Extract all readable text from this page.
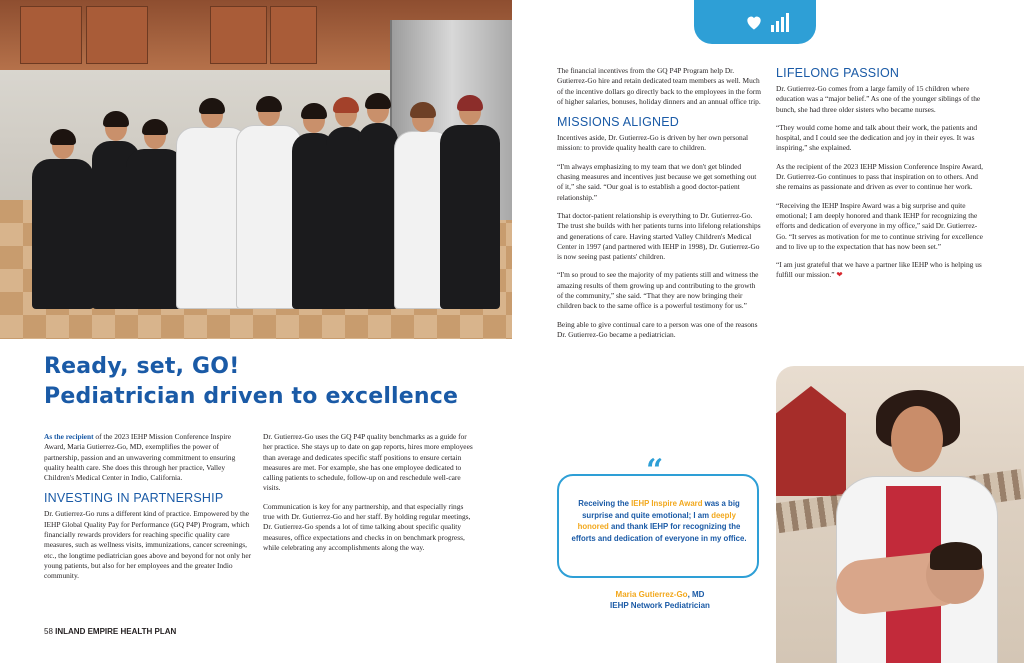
Ready, set, GO!
Pediatrician driven to excellence

As the recipient of the 2023 IEHP Mission Conference Inspire Award, Maria Gutierrez-Go, MD, exemplifies the power of partnership, passion and an unwavering commitment to ensuring quality health care. She does this through her practice, Valley Children's Medical Center in Indio, California.

INVESTING IN PARTNERSHIP

Dr. Gutierrez-Go runs a different kind of practice. Empowered by the IEHP Global Quality Pay for Performance (GQ P4P) Program, which financially rewards providers for reaching specific quality care measures, such as wellness visits, immunizations, cancer screenings, etc., the longtime pediatrician goes above and beyond for not only her young patients, but also for her employees and the greater Indio community.

Dr. Gutierrez-Go uses the GQ P4P quality benchmarks as a guide for her practice. She stays up to date on gap reports, hires more employees than average and dedicates specific staff positions to ensure certain measures are met. For example, she has one employee dedicated to calling patients to schedule, follow-up on and reschedule well-care visits.

Communication is key for any partnership, and that especially rings true with Dr. Gutierrez-Go and her staff. By holding regular meetings, Dr. Gutierrez-Go spends a lot of time talking about specific quality measures, office expectations and checks in on benchmark progress, while celebrating any accomplishments along the way.

58 INLAND EMPIRE HEALTH PLAN

The financial incentives from the GQ P4P Program help Dr. Gutierrez-Go hire and retain dedicated team members as well. Much of the incentive dollars go directly back to the employees in the form of higher salaries, bonuses, holiday dinners and an annual office trip.

MISSIONS ALIGNED

Incentives aside, Dr. Gutierrez-Go is driven by her own personal mission: to provide quality health care to children.

“I'm always emphasizing to my team that we don't get blinded chasing measures and incentives just because we get something out of it,” she said. “Our goal is to establish a good doctor-patient relationship.”

That doctor-patient relationship is everything to Dr. Gutierrez-Go. The trust she builds with her patients turns into lifelong relationships and generations of care. Having started Valley Children's Medical Center in 1997 (and partnered with IEHP in 1998), Dr. Gutierrez-Go is now seeing past patients' children.

“I'm so proud to see the majority of my patients still and witness the amazing results of them growing up and contributing to the growth of the community,” she said. “That they are now bringing their children back to the same office is a powerful testimony for us.”

Being able to give continual care to a person was one of the reasons Dr. Gutierrez-Go became a pediatrician.

“
Receiving the IEHP Inspire Award was a big surprise and quite emotional; I am deeply honored and thank IEHP for recognizing the efforts and dedication of everyone in my office.
Maria Gutierrez-Go, MD
IEHP Network Pediatrician
LIFELONG PASSION

Dr. Gutierrez-Go comes from a large family of 15 children where education was a “major belief.” As one of the younger siblings of the bunch, she had three older sisters who became nurses.

“They would come home and talk about their work, the patients and hospital, and I could see the dedication and joy in their eyes. It was inspiring,” she explained.

As the recipient of the 2023 IEHP Mission Conference Inspire Award, Dr. Gutierrez-Go continues to pass that inspiration on to others. And she remains as passionate and driven as ever to continue her work.

“Receiving the IEHP Inspire Award was a big surprise and quite emotional; I am deeply honored and thank IEHP for recognizing the efforts and dedication of everyone in my office,” said Dr. Gutierrez-Go. “It serves as motivation for me to continue striving for excellence and to live up to the expectation that has now been set.”

“I am just grateful that we have a partner like IEHP who is helping us fulfill our mission.” ❤
